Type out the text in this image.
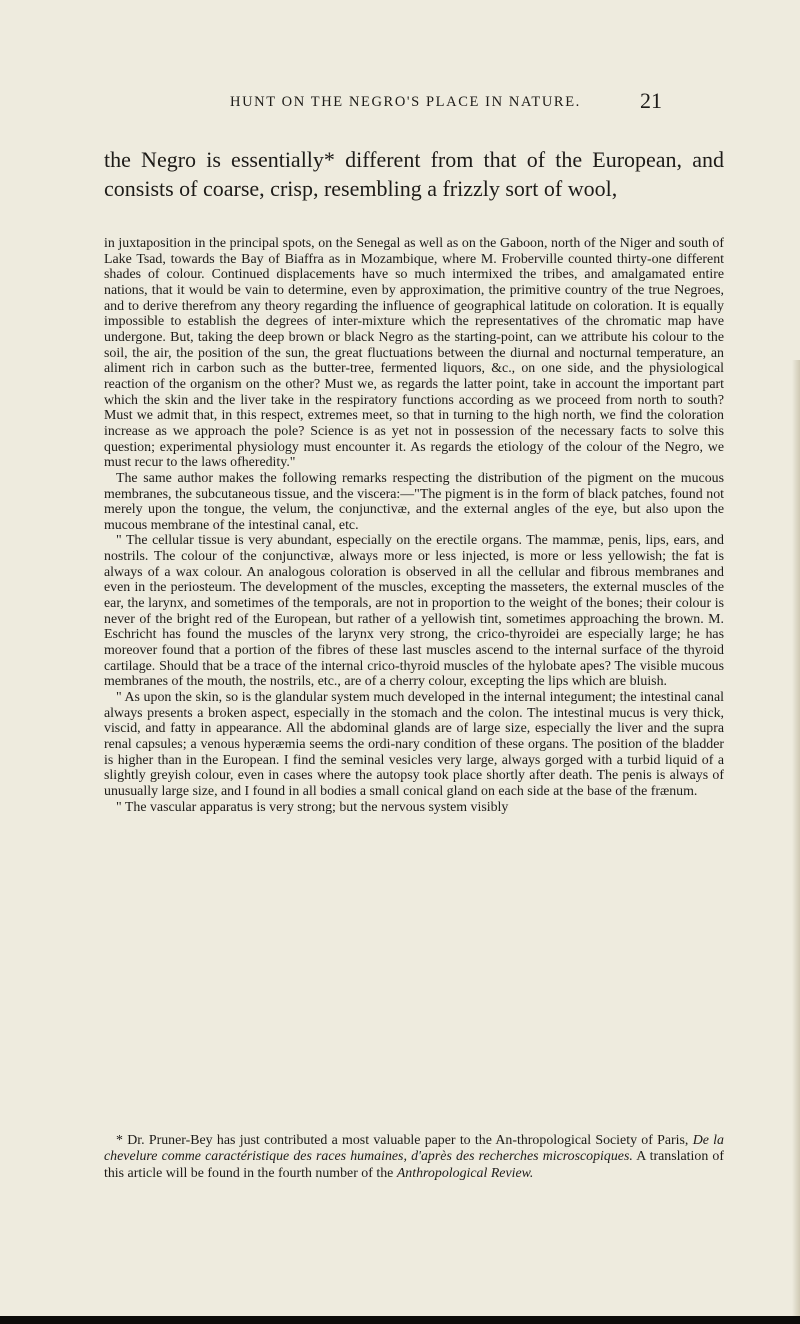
HUNT ON THE NEGRO'S PLACE IN NATURE.	21
the Negro is essentially* different from that of the European, and consists of coarse, crisp, resembling a frizzly sort of wool,

in juxtaposition in the principal spots, on the Senegal as well as on the Gaboon, north of the Niger and south of Lake Tsad, towards the Bay of Biaffra as in Mozambique, where M. Froberville counted thirty-one different shades of colour. Continued displacements have so much intermixed the tribes, and amalgamated entire nations, that it would be vain to determine, even by approximation, the primitive country of the true Negroes, and to derive therefrom any theory regarding the influence of geographical latitude on coloration. It is equally impossible to establish the degrees of inter-mixture which the representatives of the chromatic map have undergone. But, taking the deep brown or black Negro as the starting-point, can we attribute his colour to the soil, the air, the position of the sun, the great fluctuations between the diurnal and nocturnal temperature, an aliment rich in carbon such as the butter-tree, fermented liquors, &c., on one side, and the physiological reaction of the organism on the other? Must we, as regards the latter point, take in account the important part which the skin and the liver take in the respiratory functions according as we proceed from north to south? Must we admit that, in this respect, extremes meet, so that in turning to the high north, we find the coloration increase as we approach the pole? Science is as yet not in possession of the necessary facts to solve this question; experimental physiology must encounter it. As regards the etiology of the colour of the Negro, we must recur to the laws ofheredity."

The same author makes the following remarks respecting the distribution of the pigment on the mucous membranes, the subcutaneous tissue, and the viscera:—"The pigment is in the form of black patches, found not merely upon the tongue, the velum, the conjunctivæ, and the external angles of the eye, but also upon the mucous membrane of the intestinal canal, etc.

" The cellular tissue is very abundant, especially on the erectile organs. The mammæ, penis, lips, ears, and nostrils. The colour of the conjunctivæ, always more or less injected, is more or less yellowish; the fat is always of a wax colour. An analogous coloration is observed in all the cellular and fibrous membranes and even in the periosteum. The development of the muscles, excepting the masseters, the external muscles of the ear, the larynx, and sometimes of the temporals, are not in proportion to the weight of the bones; their colour is never of the bright red of the European, but rather of a yellowish tint, sometimes approaching the brown. M. Eschricht has found the muscles of the larynx very strong, the crico-thyroidei are especially large; he has moreover found that a portion of the fibres of these last muscles ascend to the internal surface of the thyroid cartilage. Should that be a trace of the internal crico-thyroid muscles of the hylobate apes? The visible mucous membranes of the mouth, the nostrils, etc., are of a cherry colour, excepting the lips which are bluish.

" As upon the skin, so is the glandular system much developed in the internal integument; the intestinal canal always presents a broken aspect, especially in the stomach and the colon. The intestinal mucus is very thick, viscid, and fatty in appearance. All the abdominal glands are of large size, especially the liver and the supra renal capsules; a venous hyperæmia seems the ordi-nary condition of these organs. The position of the bladder is higher than in the European. I find the seminal vesicles very large, always gorged with a turbid liquid of a slightly greyish colour, even in cases where the autopsy took place shortly after death. The penis is always of unusually large size, and I found in all bodies a small conical gland on each side at the base of the frænum.

" The vascular apparatus is very strong; but the nervous system visibly

* Dr. Pruner-Bey has just contributed a most valuable paper to the An-thropological Society of Paris, De la chevelure comme caractéristique des races humaines, d'après des recherches microscopiques. A translation of this article will be found in the fourth number of the Anthropological Review.
